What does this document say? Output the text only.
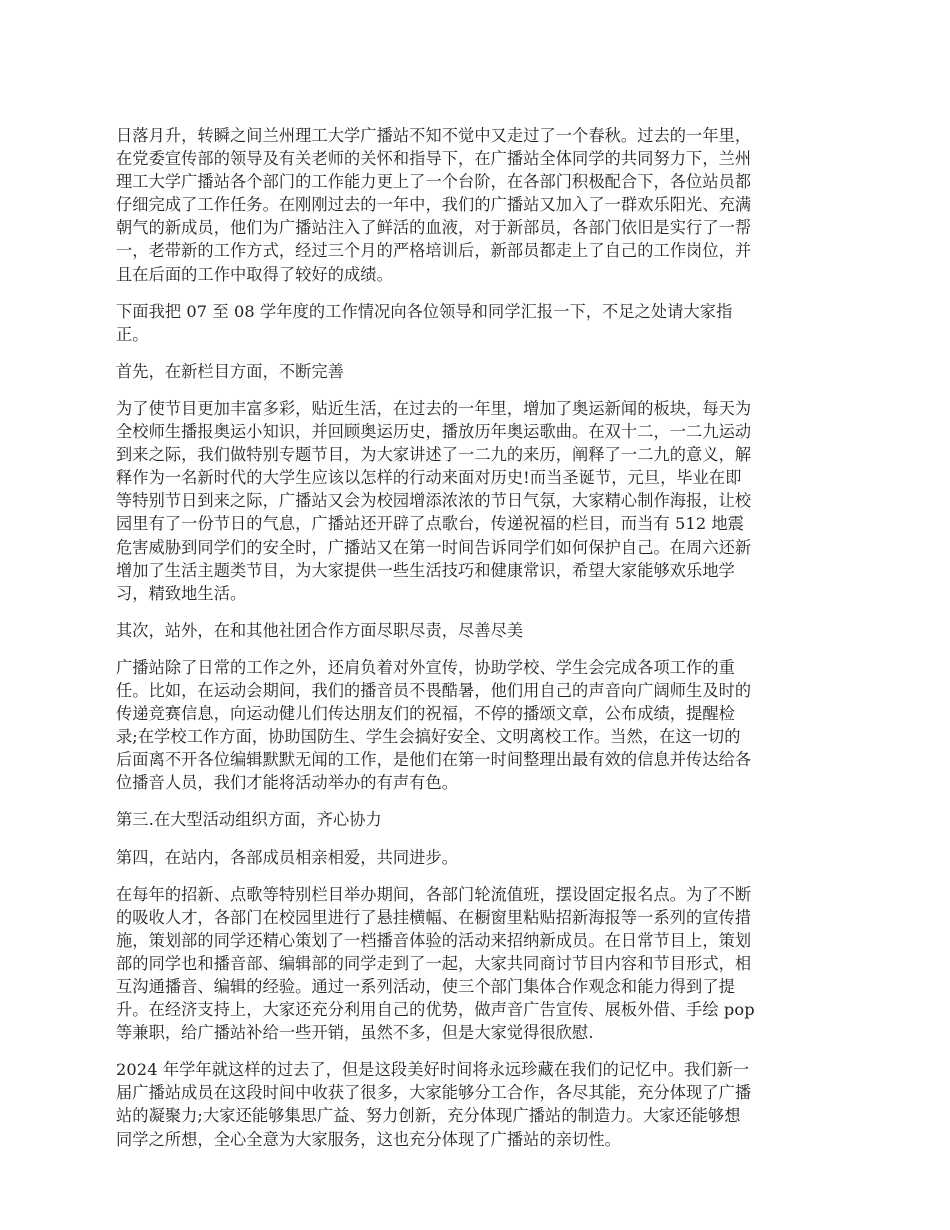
日落月升，转瞬之间兰州理工大学广播站不知不觉中又走过了一个春秋。过去的一年里，
在党委宣传部的领导及有关老师的关怀和指导下，在广播站全体同学的共同努力下，兰州
理工大学广播站各个部门的工作能力更上了一个台阶，在各部门积极配合下，各位站员都
仔细完成了工作任务。在刚刚过去的一年中，我们的广播站又加入了一群欢乐阳光、充满
朝气的新成员，他们为广播站注入了鲜活的血液，对于新部员，各部门依旧是实行了一帮
一，老带新的工作方式，经过三个月的严格培训后，新部员都走上了自己的工作岗位，并
且在后面的工作中取得了较好的成绩。

下面我把 07 至 08 学年度的工作情况向各位领导和同学汇报一下，不足之处请大家指
正。

首先，在新栏目方面，不断完善

为了使节目更加丰富多彩，贴近生活，在过去的一年里，增加了奥运新闻的板块，每天为
全校师生播报奥运小知识，并回顾奥运历史，播放历年奥运歌曲。在双十二，一二九运动
到来之际，我们做特别专题节目，为大家讲述了一二九的来历，阐释了一二九的意义，解
释作为一名新时代的大学生应该以怎样的行动来面对历史!而当圣诞节，元旦，毕业在即
等特别节日到来之际，广播站又会为校园增添浓浓的节日气氛，大家精心制作海报，让校
园里有了一份节日的气息，广播站还开辟了点歌台，传递祝福的栏目，而当有 512 地震
危害威胁到同学们的安全时，广播站又在第一时间告诉同学们如何保护自己。在周六还新
增加了生活主题类节目，为大家提供一些生活技巧和健康常识，希望大家能够欢乐地学
习，精致地生活。

其次，站外，在和其他社团合作方面尽职尽责，尽善尽美

广播站除了日常的工作之外，还肩负着对外宣传，协助学校、学生会完成各项工作的重
任。比如，在运动会期间，我们的播音员不畏酷暑，他们用自己的声音向广阔师生及时的
传递竞赛信息，向运动健儿们传达朋友们的祝福，不停的播颂文章，公布成绩，提醒检
录;在学校工作方面，协助国防生、学生会搞好安全、文明离校工作。当然，在这一切的
后面离不开各位编辑默默无闻的工作，是他们在第一时间整理出最有效的信息并传达给各
位播音人员，我们才能将活动举办的有声有色。

第三.在大型活动组织方面，齐心协力

第四，在站内，各部成员相亲相爱，共同进步。

在每年的招新、点歌等特别栏目举办期间，各部门轮流值班，摆设固定报名点。为了不断
的吸收人才，各部门在校园里进行了悬挂横幅、在橱窗里粘贴招新海报等一系列的宣传措
施，策划部的同学还精心策划了一档播音体验的活动来招纳新成员。在日常节目上，策划
部的同学也和播音部、编辑部的同学走到了一起，大家共同商讨节目内容和节目形式，相
互沟通播音、编辑的经验。通过一系列活动，使三个部门集体合作观念和能力得到了提
升。在经济支持上，大家还充分利用自己的优势，做声音广告宣传、展板外借、手绘 pop
等兼职，给广播站补给一些开销，虽然不多，但是大家觉得很欣慰.

2024 年学年就这样的过去了，但是这段美好时间将永远珍藏在我们的记忆中。我们新一
届广播站成员在这段时间中收获了很多，大家能够分工合作，各尽其能，充分体现了广播
站的凝聚力;大家还能够集思广益、努力创新，充分体现广播站的制造力。大家还能够想
同学之所想，全心全意为大家服务，这也充分体现了广播站的亲切性。
